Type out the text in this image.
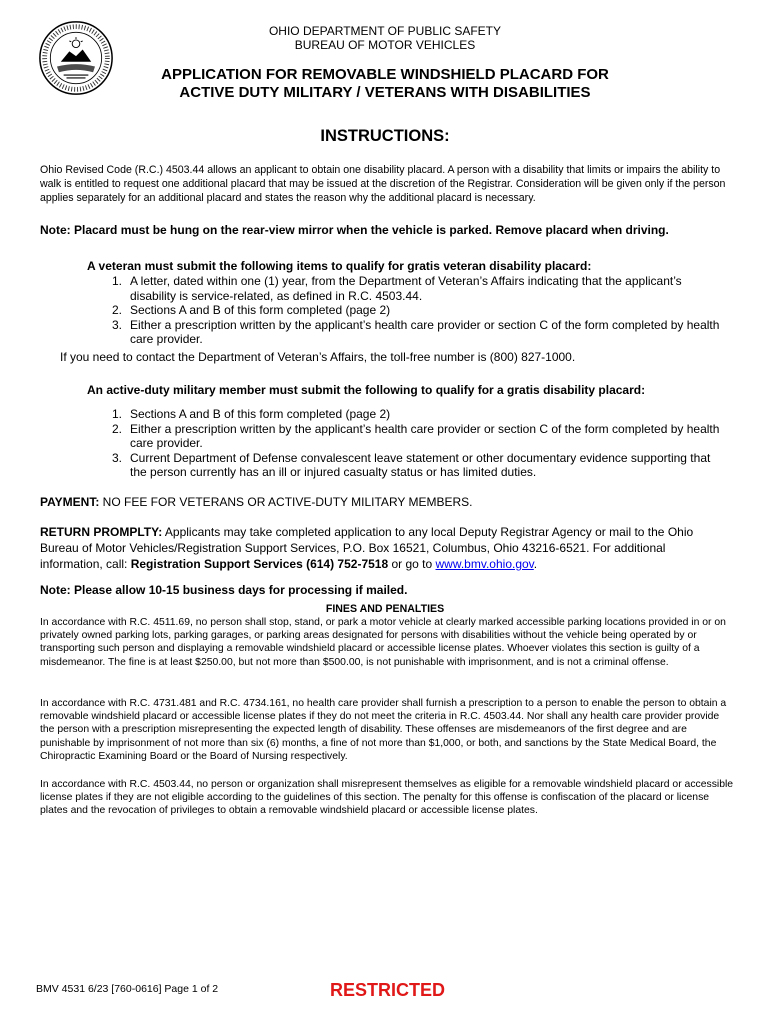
OHIO DEPARTMENT OF PUBLIC SAFETY
BUREAU OF MOTOR VEHICLES
APPLICATION FOR REMOVABLE WINDSHIELD PLACARD FOR
ACTIVE DUTY MILITARY / VETERANS WITH DISABILITIES
INSTRUCTIONS:
Ohio Revised Code (R.C.) 4503.44 allows an applicant to obtain one disability placard. A person with a disability that limits or impairs the ability to walk is entitled to request one additional placard that may be issued at the discretion of the Registrar. Consideration will be given only if the person applies separately for an additional placard and states the reason why the additional placard is necessary.
Note: Placard must be hung on the rear-view mirror when the vehicle is parked. Remove placard when driving.
A veteran must submit the following items to qualify for gratis veteran disability placard:
1. A letter, dated within one (1) year, from the Department of Veteran’s Affairs indicating that the applicant’s disability is service-related, as defined in R.C. 4503.44.
2. Sections A and B of this form completed (page 2)
3. Either a prescription written by the applicant’s health care provider or section C of the form completed by health care provider.
If you need to contact the Department of Veteran’s Affairs, the toll-free number is (800) 827-1000.
An active-duty military member must submit the following to qualify for a gratis disability placard:
1. Sections A and B of this form completed (page 2)
2. Either a prescription written by the applicant’s health care provider or section C of the form completed by health care provider.
3. Current Department of Defense convalescent leave statement or other documentary evidence supporting that the person currently has an ill or injured casualty status or has limited duties.
PAYMENT: NO FEE FOR VETERANS OR ACTIVE-DUTY MILITARY MEMBERS.
RETURN PROMPLTY: Applicants may take completed application to any local Deputy Registrar Agency or mail to the Ohio Bureau of Motor Vehicles/Registration Support Services, P.O. Box 16521, Columbus, Ohio 43216-6521. For additional information, call: Registration Support Services (614) 752-7518 or go to www.bmv.ohio.gov.
Note: Please allow 10-15 business days for processing if mailed.
FINES AND PENALTIES
In accordance with R.C. 4511.69, no person shall stop, stand, or park a motor vehicle at clearly marked accessible parking locations provided in or on privately owned parking lots, parking garages, or parking areas designated for persons with disabilities without the vehicle being operated by or transporting such person and displaying a removable windshield placard or accessible license plates. Whoever violates this section is guilty of a misdemeanor. The fine is at least $250.00, but not more than $500.00, is not punishable with imprisonment, and is not a criminal offense.
In accordance with R.C. 4731.481 and R.C. 4734.161, no health care provider shall furnish a prescription to a person to enable the person to obtain a removable windshield placard or accessible license plates if they do not meet the criteria in R.C. 4503.44. Nor shall any health care provider provide the person with a prescription misrepresenting the expected length of disability. These offenses are misdemeanors of the first degree and are punishable by imprisonment of not more than six (6) months, a fine of not more than $1,000, or both, and sanctions by the State Medical Board, the Chiropractic Examining Board or the Board of Nursing respectively.
In accordance with R.C. 4503.44, no person or organization shall misrepresent themselves as eligible for a removable windshield placard or accessible license plates if they are not eligible according to the guidelines of this section. The penalty for this offense is confiscation of the placard or license plates and the revocation of privileges to obtain a removable windshield placard or accessible license plates.
BMV 4531 6/23 [760-0616] Page 1 of 2	RESTRICTED
